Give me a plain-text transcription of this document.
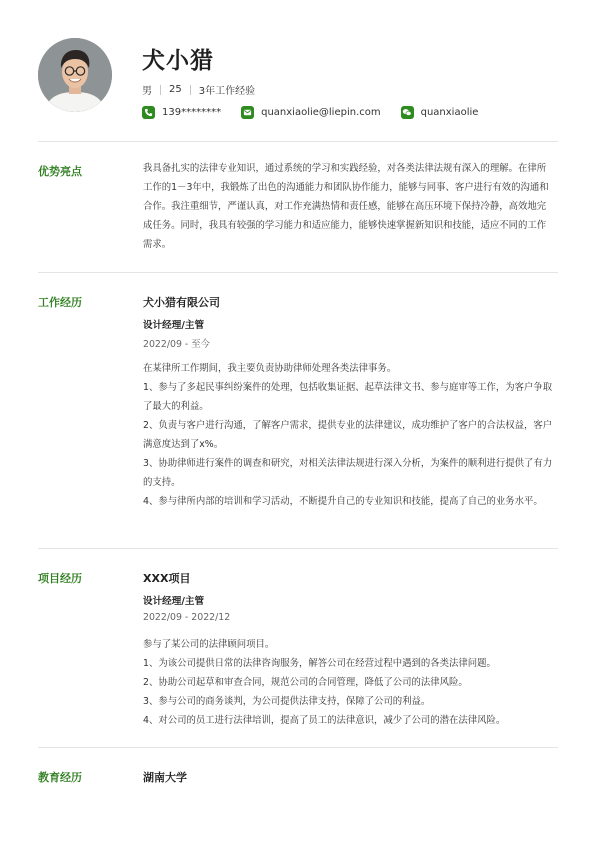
犬小猎
男 25 3年工作经验
139********	quanxiaolie@liepin.com	quanxiaolie
优势亮点	我具备扎实的法律专业知识，通过系统的学习和实践经验，对各类法律法规有深入的理解。在律所工作的1－3年中，我锻炼了出色的沟通能力和团队协作能力，能够与同事、客户进行有效的沟通和合作。我注重细节，严谨认真，对工作充满热情和责任感，能够在高压环境下保持冷静，高效地完成任务。同时，我具有较强的学习能力和适应能力，能够快速掌握新知识和技能，适应不同的工作需求。
工作经历	犬小猎有限公司
设计经理/主管
2022/09 - 至今
在某律所工作期间，我主要负责协助律师处理各类法律事务。
1、参与了多起民事纠纷案件的处理，包括收集证据、起草法律文书、参与庭审等工作，为客户争取了最大的利益。
2、负责与客户进行沟通，了解客户需求，提供专业的法律建议，成功维护了客户的合法权益，客户满意度达到了x%。
3、协助律师进行案件的调查和研究，对相关法律法规进行深入分析，为案件的顺利进行提供了有力的支持。
4、参与律所内部的培训和学习活动，不断提升自己的专业知识和技能，提高了自己的业务水平。
项目经历	XXX项目
设计经理/主管
2022/09 - 2022/12
参与了某公司的法律顾问项目。
1、为该公司提供日常的法律咨询服务，解答公司在经营过程中遇到的各类法律问题。
2、协助公司起草和审查合同，规范公司的合同管理，降低了公司的法律风险。
3、参与公司的商务谈判，为公司提供法律支持，保障了公司的利益。
4、对公司的员工进行法律培训，提高了员工的法律意识，减少了公司的潜在法律风险。
教育经历	湖南大学
